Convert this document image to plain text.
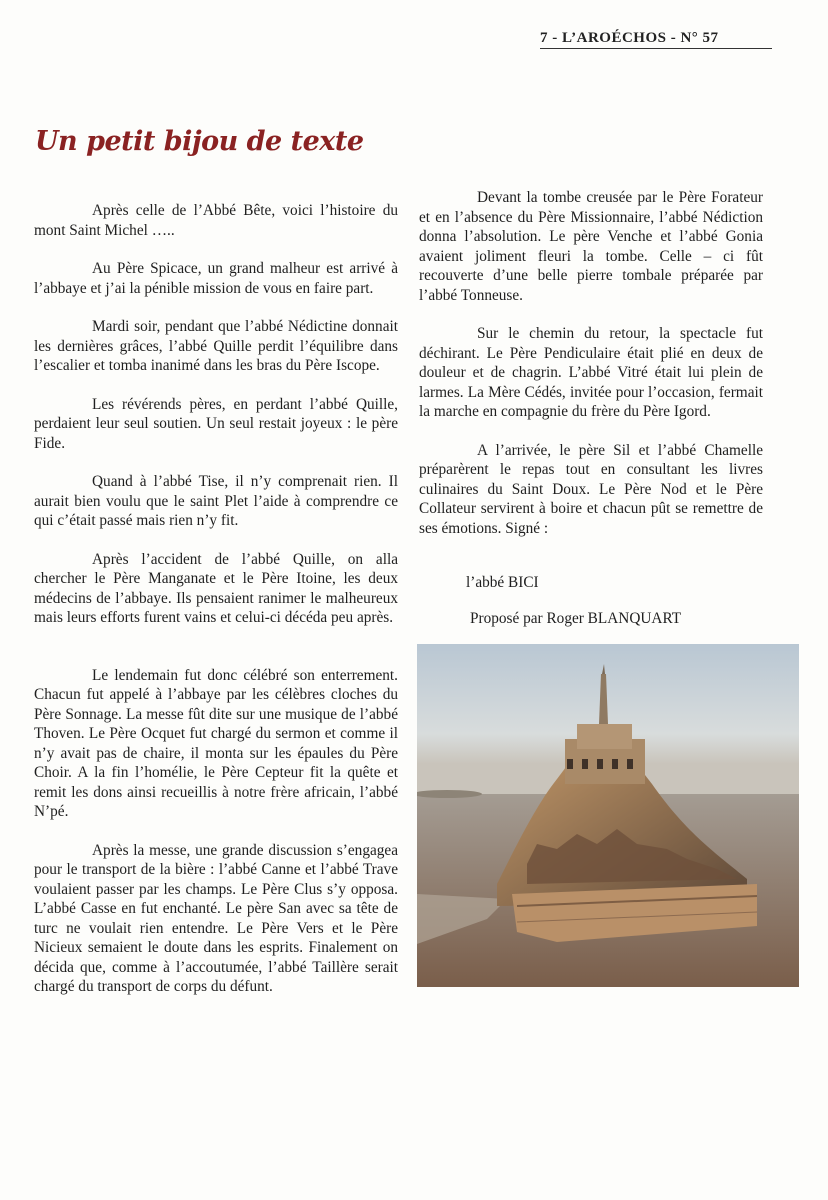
7 - L’AROÉCHOS - N° 57
Un petit bijou de texte

Après celle de l’Abbé Bête, voici l’histoire du mont Saint Michel …..

Au Père Spicace, un grand malheur est arrivé à l’abbaye et j’ai la pénible mission de vous en faire part.

Mardi soir, pendant que l’abbé Nédictine donnait les dernières grâces, l’abbé Quille perdit l’équilibre dans l’escalier et tomba inanimé dans les bras du Père Iscope.

Les révérends pères, en perdant l’abbé Quille, perdaient leur seul soutien. Un seul restait joyeux : le père Fide.

Quand à l’abbé Tise, il n’y comprenait rien. Il aurait bien voulu que le saint Plet l’aide à comprendre ce qui c’était passé mais rien n’y fit.

Après l’accident de l’abbé Quille, on alla chercher le Père Manganate et le Père Itoine, les deux médecins de l’abbaye. Ils pensaient ranimer le malheureux mais leurs efforts furent vains et celui-ci décéda peu après.

Le lendemain fut donc célébré son enterrement. Chacun fut appelé à l’abbaye par les célèbres cloches du Père Sonnage. La messe fût dite sur une musique de l’abbé Thoven. Le Père Ocquet fut chargé du sermon et comme il n’y avait pas de chaire, il monta sur les épaules du Père Choir. A la fin l’homélie, le Père Cepteur fit la quête et remit les dons ainsi recueillis à notre frère africain, l’abbé N’pé.

Après la messe, une grande discussion s’engagea pour le transport de la bière : l’abbé Canne et l’abbé Trave voulaient passer par les champs. Le Père Clus s’y opposa. L’abbé Casse en fut enchanté. Le père San avec sa tête de turc ne voulait rien entendre. Le Père Vers et le Père Nicieux semaient le doute dans les esprits. Finalement on décida que, comme à l’accoutumée, l’abbé Taillère serait chargé du transport de corps du défunt.

Devant la tombe creusée par le Père Forateur et en l’absence du Père Missionnaire, l’abbé Nédiction donna l’absolution. Le père Venche et l’abbé Gonia avaient joliment fleuri la tombe. Celle – ci fût recouverte d’une belle pierre tombale préparée par l’abbé Tonneuse.

Sur le chemin du retour, la spectacle fut déchirant. Le Père Pendiculaire était plié en deux de douleur et de chagrin. L’abbé Vitré était lui plein de larmes. La Mère Cédés, invitée pour l’occasion, fermait la marche en compagnie du frère du Père Igord.

A l’arrivée, le père Sil et l’abbé Chamelle préparèrent le repas tout en consultant les livres culinaires du Saint Doux. Le Père Nod et le Père Collateur servirent à boire et chacun pût se remettre de ses émotions. Signé :

l’abbé BICI
Proposé par Roger BLANQUART
